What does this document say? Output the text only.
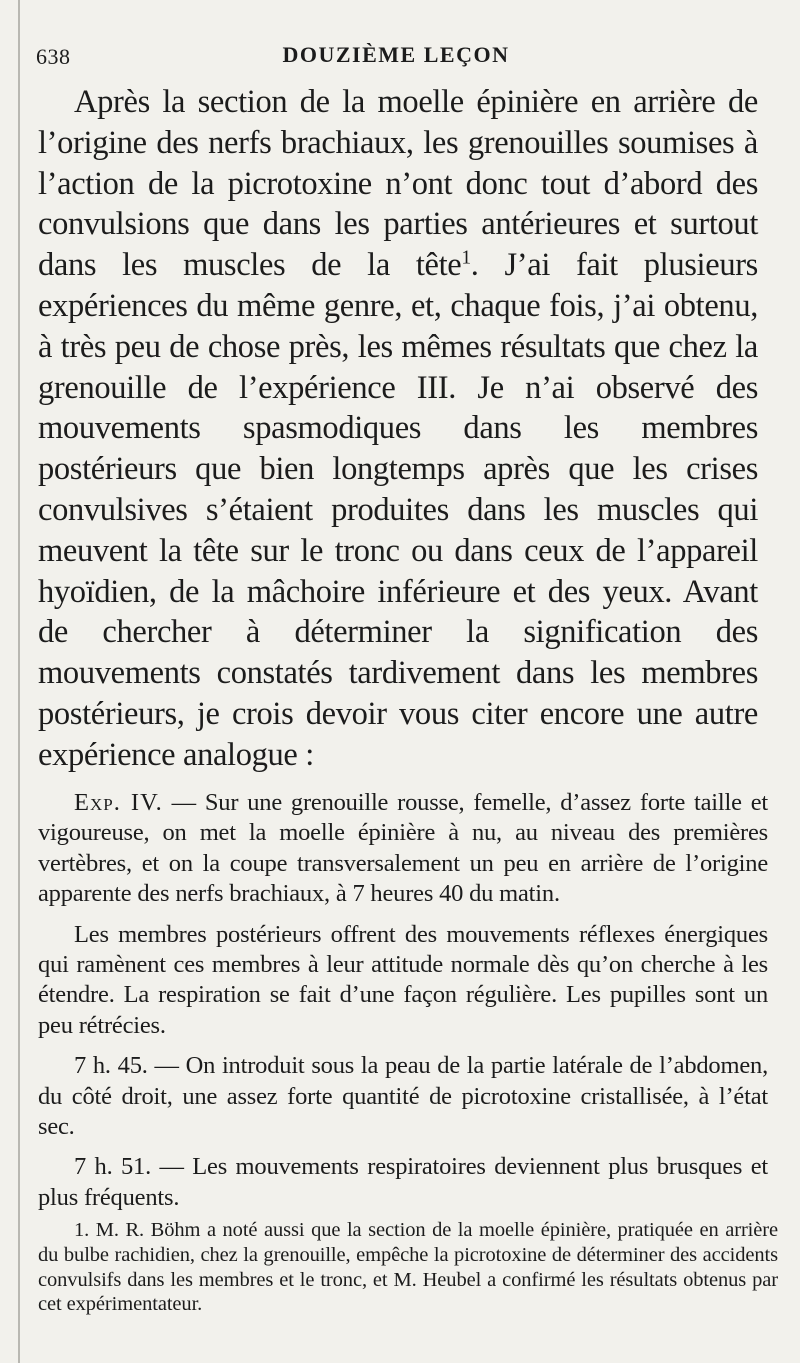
638	DOUZIÈME LEÇON

Après la section de la moelle épinière en arrière de l’origine des nerfs brachiaux, les grenouilles soumises à l’action de la picrotoxine n’ont donc tout d’abord des convulsions que dans les parties antérieures et surtout dans les muscles de la tête$^1$. J’ai fait plusieurs expériences du même genre, et, chaque fois, j’ai obtenu, à très peu de chose près, les mêmes résultats que chez la grenouille de l’expérience III. Je n’ai observé des mouvements spasmodiques dans les membres postérieurs que bien longtemps après que les crises convulsives s’étaient produites dans les muscles qui meuvent la tête sur le tronc ou dans ceux de l’appareil hyoïdien, de la mâchoire inférieure et des yeux. Avant de chercher à déterminer la signification des mouvements constatés tardivement dans les membres postérieurs, je crois devoir vous citer encore une autre expérience analogue :

Exp. IV. — Sur une grenouille rousse, femelle, d’assez forte taille et vigoureuse, on met la moelle épinière à nu, au niveau des premières vertèbres, et on la coupe transversalement un peu en arrière de l’origine apparente des nerfs brachiaux, à 7 heures 40 du matin.

Les membres postérieurs offrent des mouvements réflexes énergiques qui ramènent ces membres à leur attitude normale dès qu’on cherche à les étendre. La respiration se fait d’une façon régulière. Les pupilles sont un peu rétrécies.

7 h. 45. — On introduit sous la peau de la partie latérale de l’abdomen, du côté droit, une assez forte quantité de picrotoxine cristallisée, à l’état sec.

7 h. 51. — Les mouvements respiratoires deviennent plus brusques et plus fréquents.

1. M. R. Böhm a noté aussi que la section de la moelle épinière, pratiquée en arrière du bulbe rachidien, chez la grenouille, empêche la picrotoxine de déterminer des accidents convulsifs dans les membres et le tronc, et M. Heubel a confirmé les résultats obtenus par cet expérimentateur.
